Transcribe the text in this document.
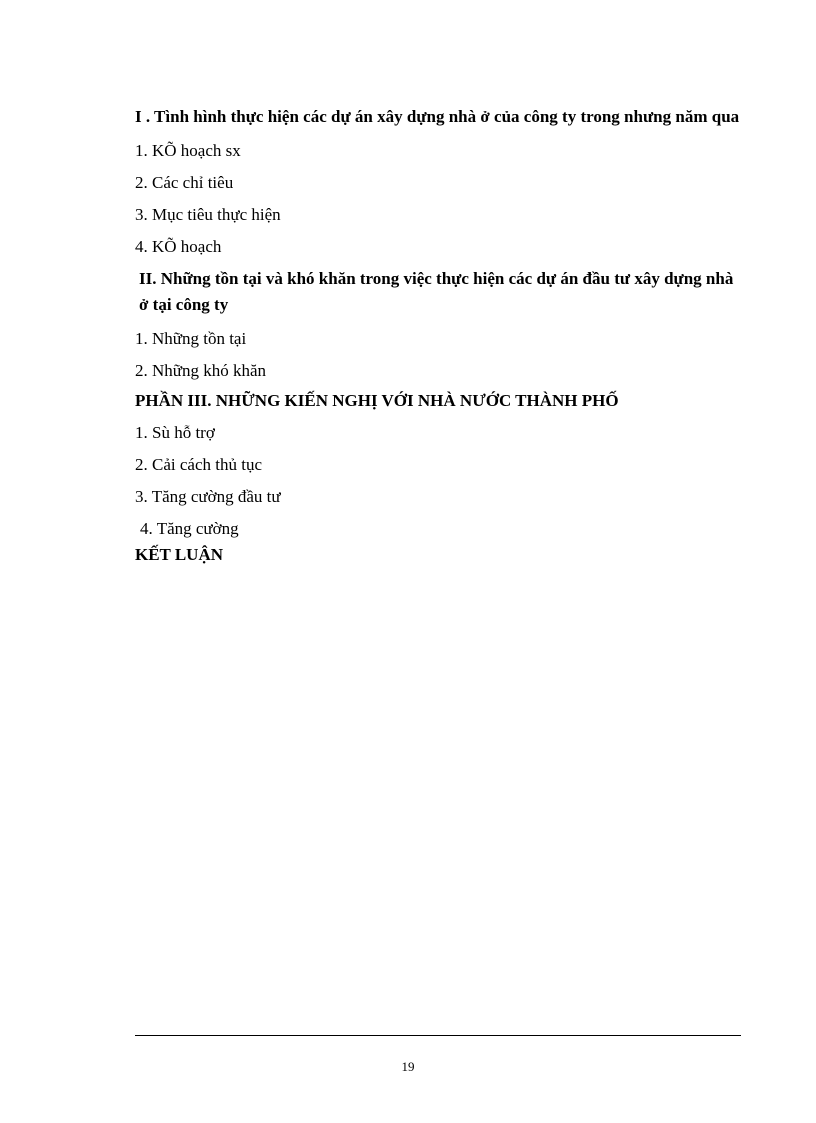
I . Tình hình thực hiện các dự án xây dựng nhà ở của công ty trong nhưng năm qua
1. KÕ hoạch sx
2. Các chỉ tiêu
3. Mục tiêu thực hiện
4. KÕ hoạch
II. Những tồn tại và khó khăn trong việc thực hiện các dự án đầu tư xây dựng nhà ở tại công ty
1. Những tồn tại
2. Những khó khăn
PHẦN III. NHỮNG KIẾN NGHỊ VỚI NHÀ NƯỚC THÀNH PHỐ
1. Sù hỗ trợ
2. Cải cách thủ tục
3. Tăng cường đầu tư
4. Tăng cường
KẾT LUẬN
19
